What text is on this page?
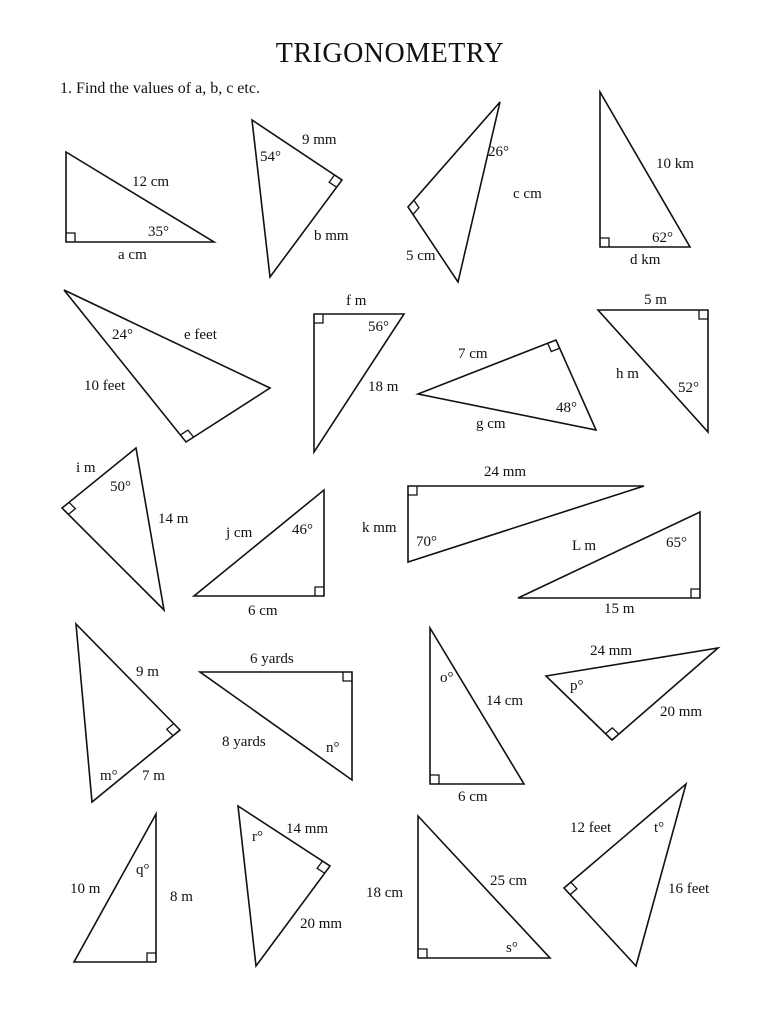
TRIGONOMETRY
1. Find the values of a, b, c etc.
12 cm
35°
a cm
9 mm
54°
b mm
26°
c cm
5 cm
10 km
62°
d km
24°	e feet
10 feet
f m
56°
18 m
7 cm
48°
g cm
5 m
h m
52°
i m
50°
14 m
j cm	46°
6 cm
24 mm
k mm
70°	L m	65°
15 m
9 m
m° 7 m
6 yards
8 yards	n°
o°
14 cm
6 cm
24 mm
p°
20 mm
10 m
q°
8 m
r° 14 mm
20 mm
18 cm
25 cm
s°
12 feet	t°
16 feet
